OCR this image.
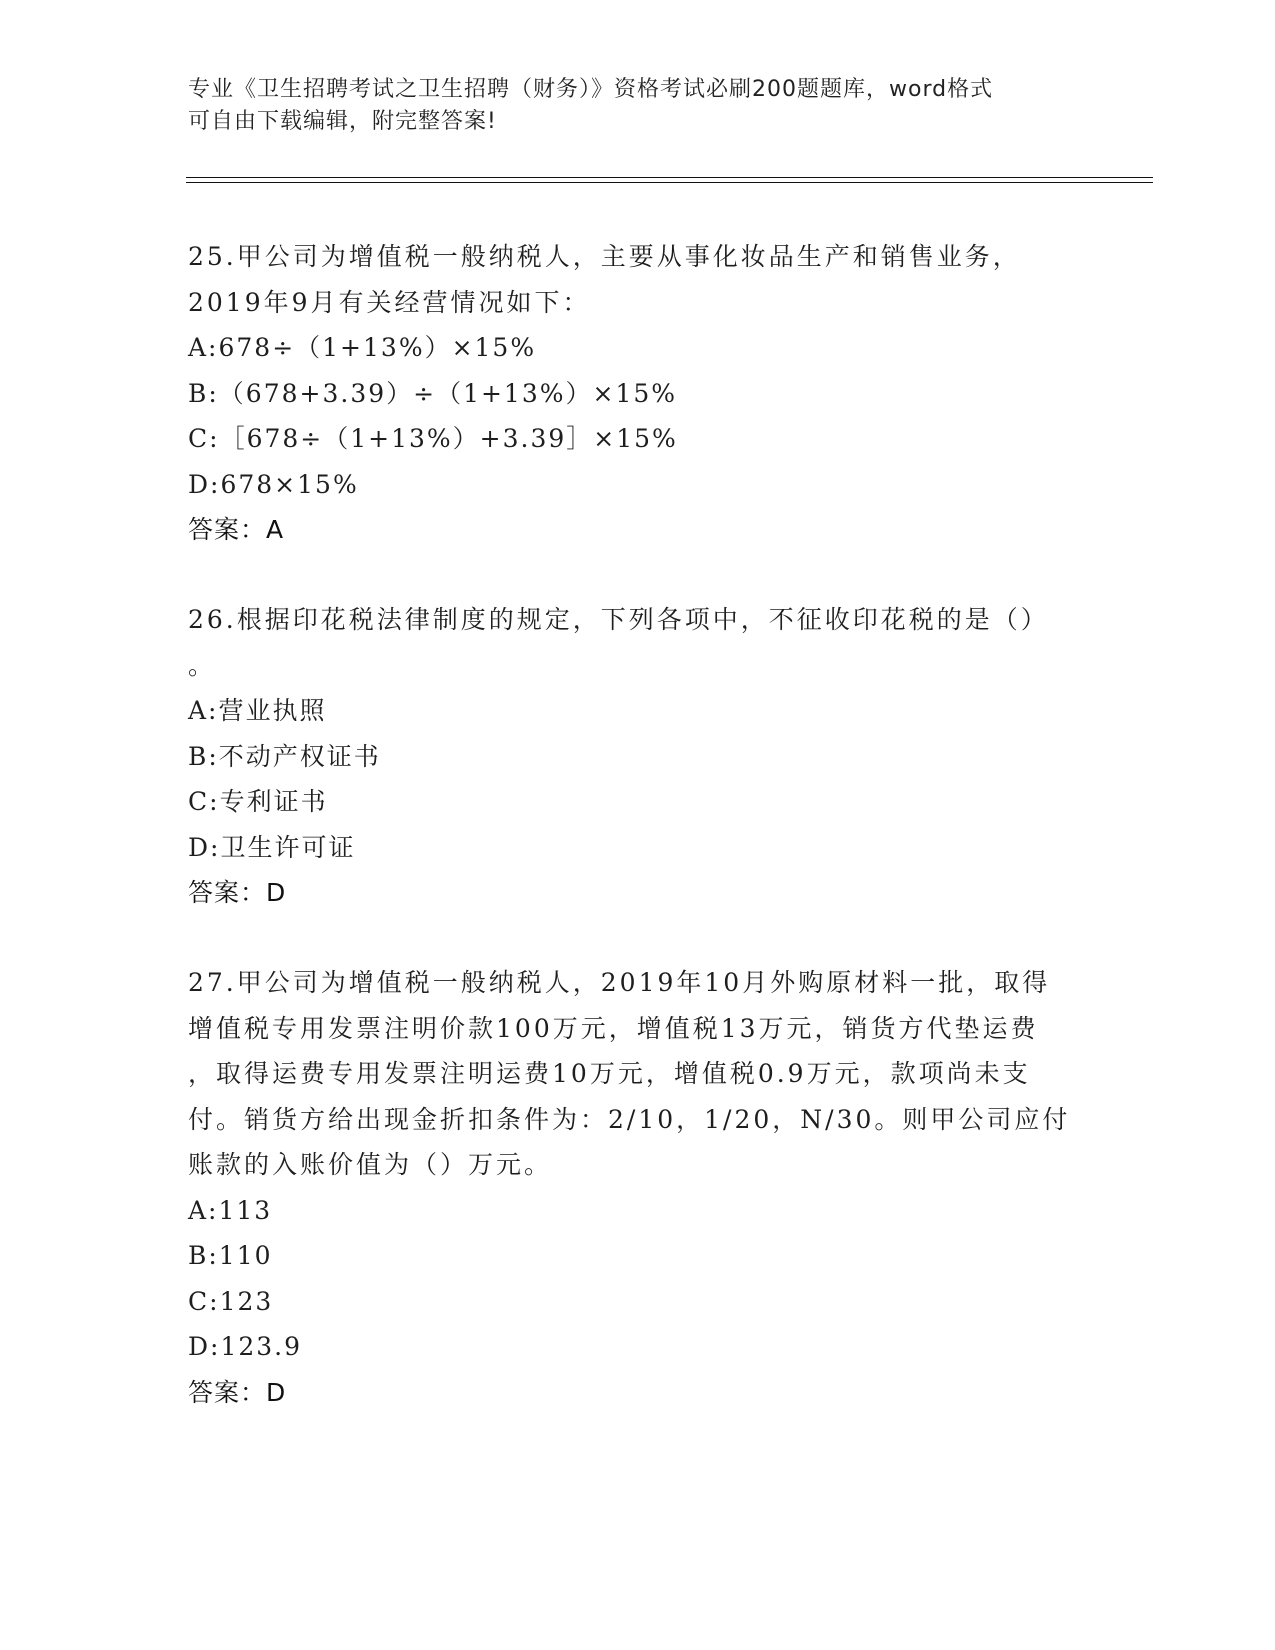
专业《卫生招聘考试之卫生招聘（财务）》资格考试必刷200题题库，word格式
可自由下载编辑，附完整答案!
25.甲公司为增值税一般纳税人，主要从事化妆品生产和销售业务，
2019年9月有关经营情况如下：
A:678÷（1+13%）×15%
B:（678+3.39）÷（1+13%）×15%
C:［678÷（1+13%）+3.39］×15%
D:678×15%
答案：A
26.根据印花税法律制度的规定，下列各项中，不征收印花税的是（）
。
A:营业执照
B:不动产权证书
C:专利证书
D:卫生许可证
答案：D
27.甲公司为增值税一般纳税人，2019年10月外购原材料一批，取得
增值税专用发票注明价款100万元，增值税13万元，销货方代垫运费
，取得运费专用发票注明运费10万元，增值税0.9万元，款项尚未支
付。销货方给出现金折扣条件为：2/10，1/20，N/30。则甲公司应付
账款的入账价值为（）万元。
A:113
B:110
C:123
D:123.9
答案：D
